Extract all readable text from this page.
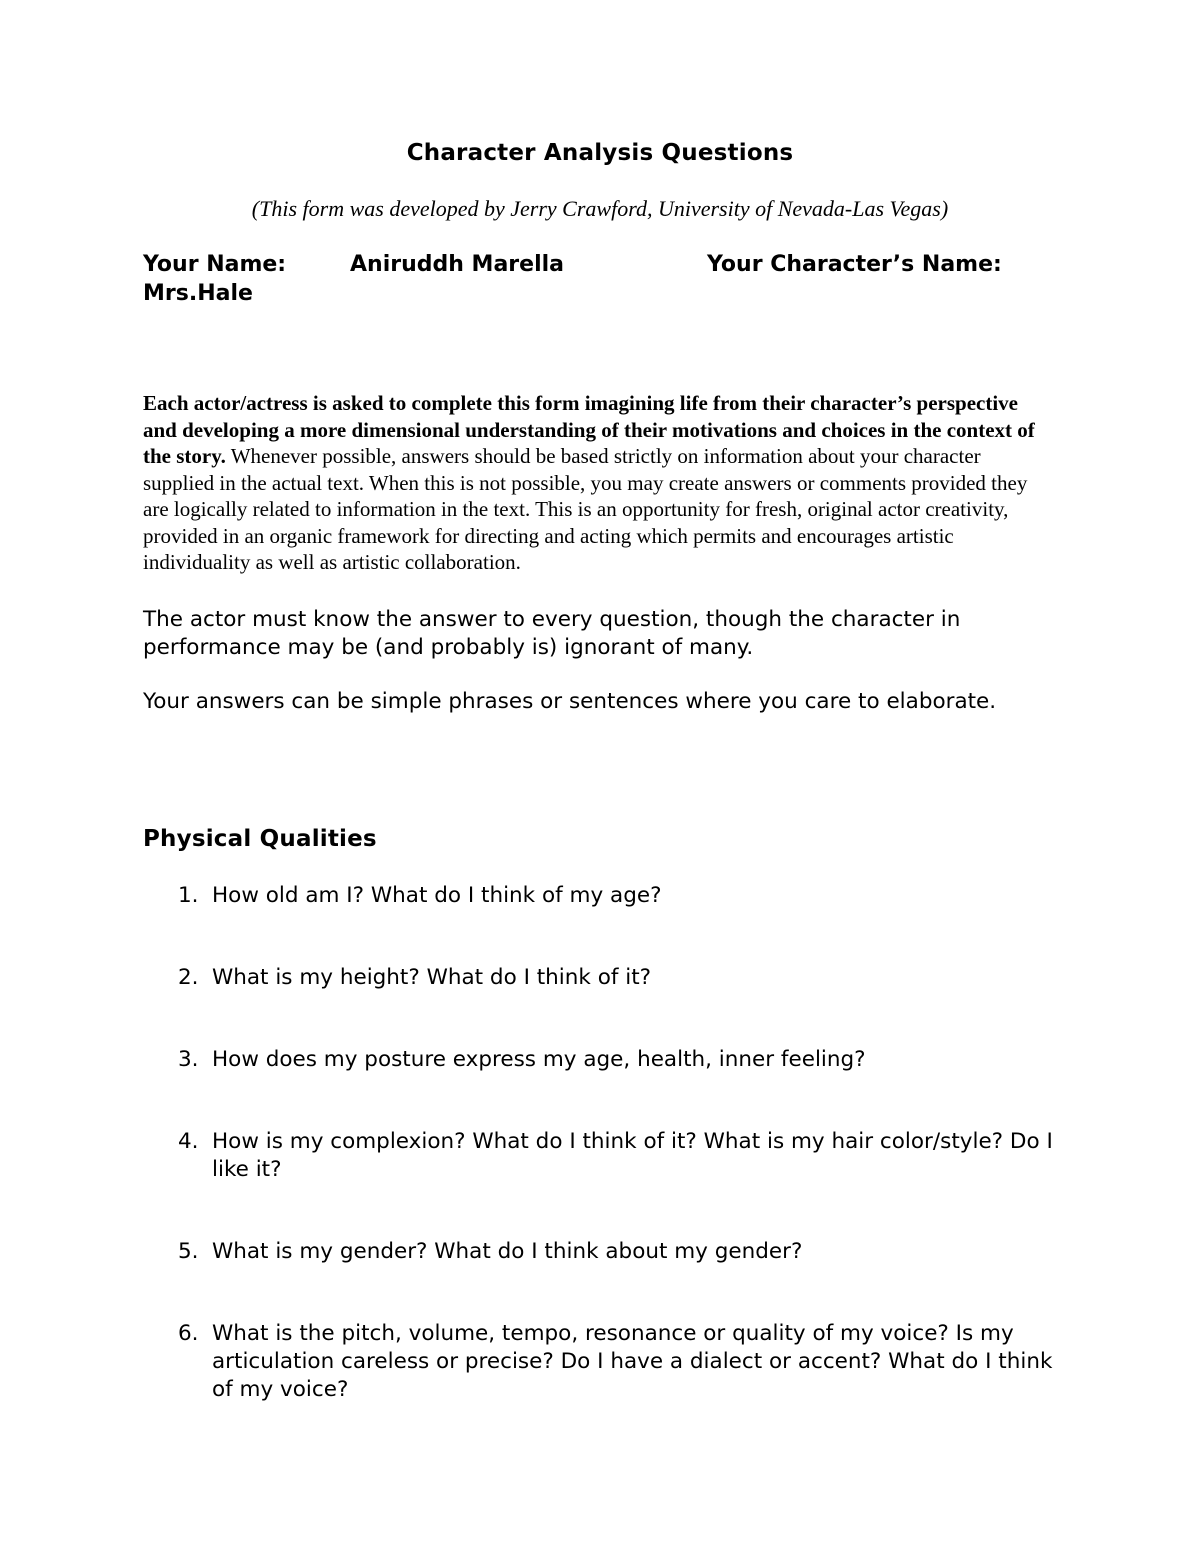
Character Analysis Questions
(This form was developed by Jerry Crawford, University of Nevada-Las Vegas)
Your Name:	Aniruddh Marella	Your Character’s Name:
Mrs.Hale
Each actor/actress is asked to complete this form imagining life from their character’s perspective and developing a more dimensional understanding of their motivations and choices in the context of the story. Whenever possible, answers should be based strictly on information about your character supplied in the actual text. When this is not possible, you may create answers or comments provided they are logically related to information in the text. This is an opportunity for fresh, original actor creativity, provided in an organic framework for directing and acting which permits and encourages artistic individuality as well as artistic collaboration.
The actor must know the answer to every question, though the character in performance may be (and probably is) ignorant of many.
Your answers can be simple phrases or sentences where you care to elaborate.
Physical Qualities
1. How old am I? What do I think of my age?
2. What is my height? What do I think of it?
3. How does my posture express my age, health, inner feeling?
4. How is my complexion? What do I think of it? What is my hair color/style? Do I like it?
5. What is my gender? What do I think about my gender?
6. What is the pitch, volume, tempo, resonance or quality of my voice? Is my articulation careless or precise? Do I have a dialect or accent? What do I think of my voice?
